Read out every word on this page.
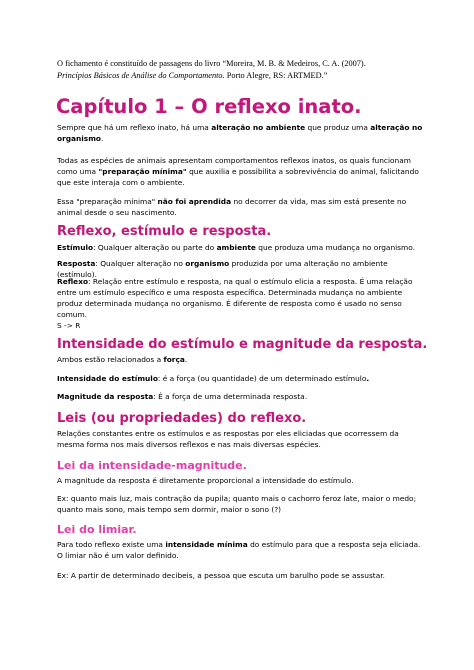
O fichamento é constituído de passagens do livro “Moreira, M. B. & Medeiros, C. A. (2007).
Princípios Básicos de Análise do Comportamento. Porto Alegre, RS: ARTMED.”

Capítulo 1 – O reflexo inato.

Sempre que há um reflexo inato, há uma alteração no ambiente que produz uma alteração no organismo.

Todas as espécies de animais apresentam comportamentos reflexos inatos, os quais funcionam como uma "preparação mínima" que auxilia e possibilita a sobrevivência do animal, falicitando que este interaja com o ambiente.

Essa "preparação mínima" não foi aprendida no decorrer da vida, mas sim está presente no animal desde o seu nascimento.

Reflexo, estímulo e resposta.

Estímulo: Qualquer alteração ou parte do ambiente que produza uma mudança no organismo.

Resposta: Qualquer alteração no organismo produzida por uma alteração no ambiente (estímulo).

Reflexo: Relação entre estímulo e resposta, na qual o estímulo elicia a resposta. É uma relação entre um estímulo específico e uma resposta específica. Determinada mudança no ambiente produz determinada mudança no organismo. É diferente de resposta como é usado no senso comum.

S -> R

Intensidade do estímulo e magnitude da resposta.

Ambos estão relacionados a força.

Intensidade do estímulo: é a força (ou quantidade) de um determinado estímulo.

Magnitude da resposta: É a força de uma determinada resposta.

Leis (ou propriedades) do reflexo.

Relações constantes entre os estímulos e as respostas por eles eliciadas que ocorressem da mesma forma nos mais diversos reflexos e nas mais diversas espécies.

Lei da intensidade-magnitude.

A magnitude da resposta é diretamente proporcional a intensidade do estímulo.

Ex: quanto mais luz, mais contração da pupila; quanto mais o cachorro feroz late, maior o medo; quanto mais sono, mais tempo sem dormir, maior o sono (?)

Lei do limiar.

Para todo reflexo existe uma intensidade mínima do estímulo para que a resposta seja eliciada. O limiar não é um valor definido.

Ex: A partir de determinado decibeis, a pessoa que escuta um barulho pode se assustar.
